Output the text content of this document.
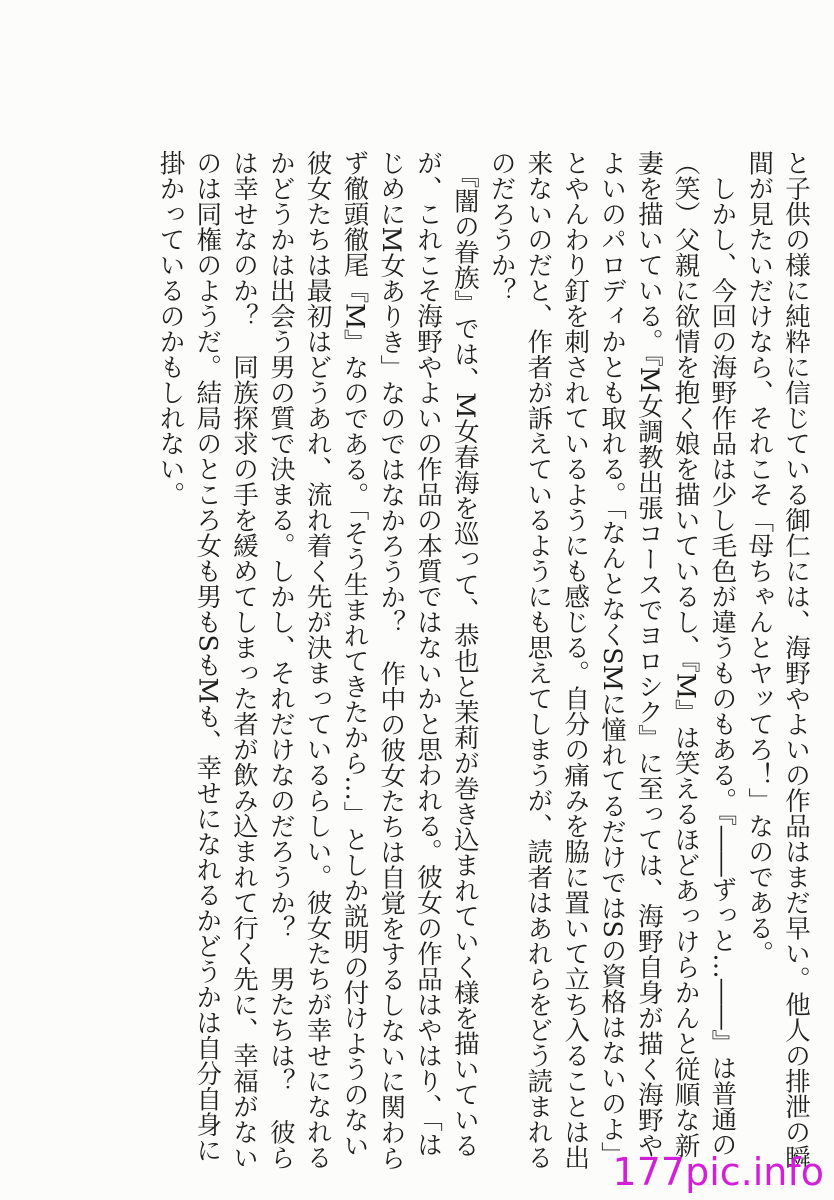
と子供の様に純粋に信じている御仁には、海野やよいの作品はまだ早い。他人の排泄の瞬
間が見たいだけなら、それこそ「母ちゃんとヤッてろ！」なのである。
　しかし、今回の海野作品は少し毛色が違うものもある。『――ずっと…――』は普通の
（笑）父親に欲情を抱く娘を描いているし、『M』は笑えるほどあっけらかんと従順な新
妻を描いている。『M女調教出張コースでヨロシク』に至っては、海野自身が描く海野や
よいのパロディかとも取れる。「なんとなくSMに憧れてるだけではSの資格はないのよ」
とやんわり釘を刺されているようにも感じる。自分の痛みを脇に置いて立ち入ることは出
来ないのだと、作者が訴えているようにも思えてしまうが、読者はあれらをどう読まれる
のだろうか？
　『闇の眷族』では、M女春海を巡って、恭也と茉莉が巻き込まれていく様を描いている
が、これこそ海野やよいの作品の本質ではないかと思われる。彼女の作品はやはり、「は
じめにM女ありき」なのではなかろうか？　作中の彼女たちは自覚をするしないに関わら
ず徹頭徹尾『M』なのである。「そう生まれてきたから…」としか説明の付けようのない
彼女たちは最初はどうあれ、流れ着く先が決まっているらしい。彼女たちが幸せになれる
かどうかは出会う男の質で決まる。しかし、それだけなのだろうか？　男たちは？　彼ら
は幸せなのか？　同族探求の手を緩めてしまった者が飲み込まれて行く先に、幸福がない
のは同権のようだ。結局のところ女も男もSもMも、幸せになれるかどうかは自分自身に
掛かっているのかもしれない。
177pic.info
